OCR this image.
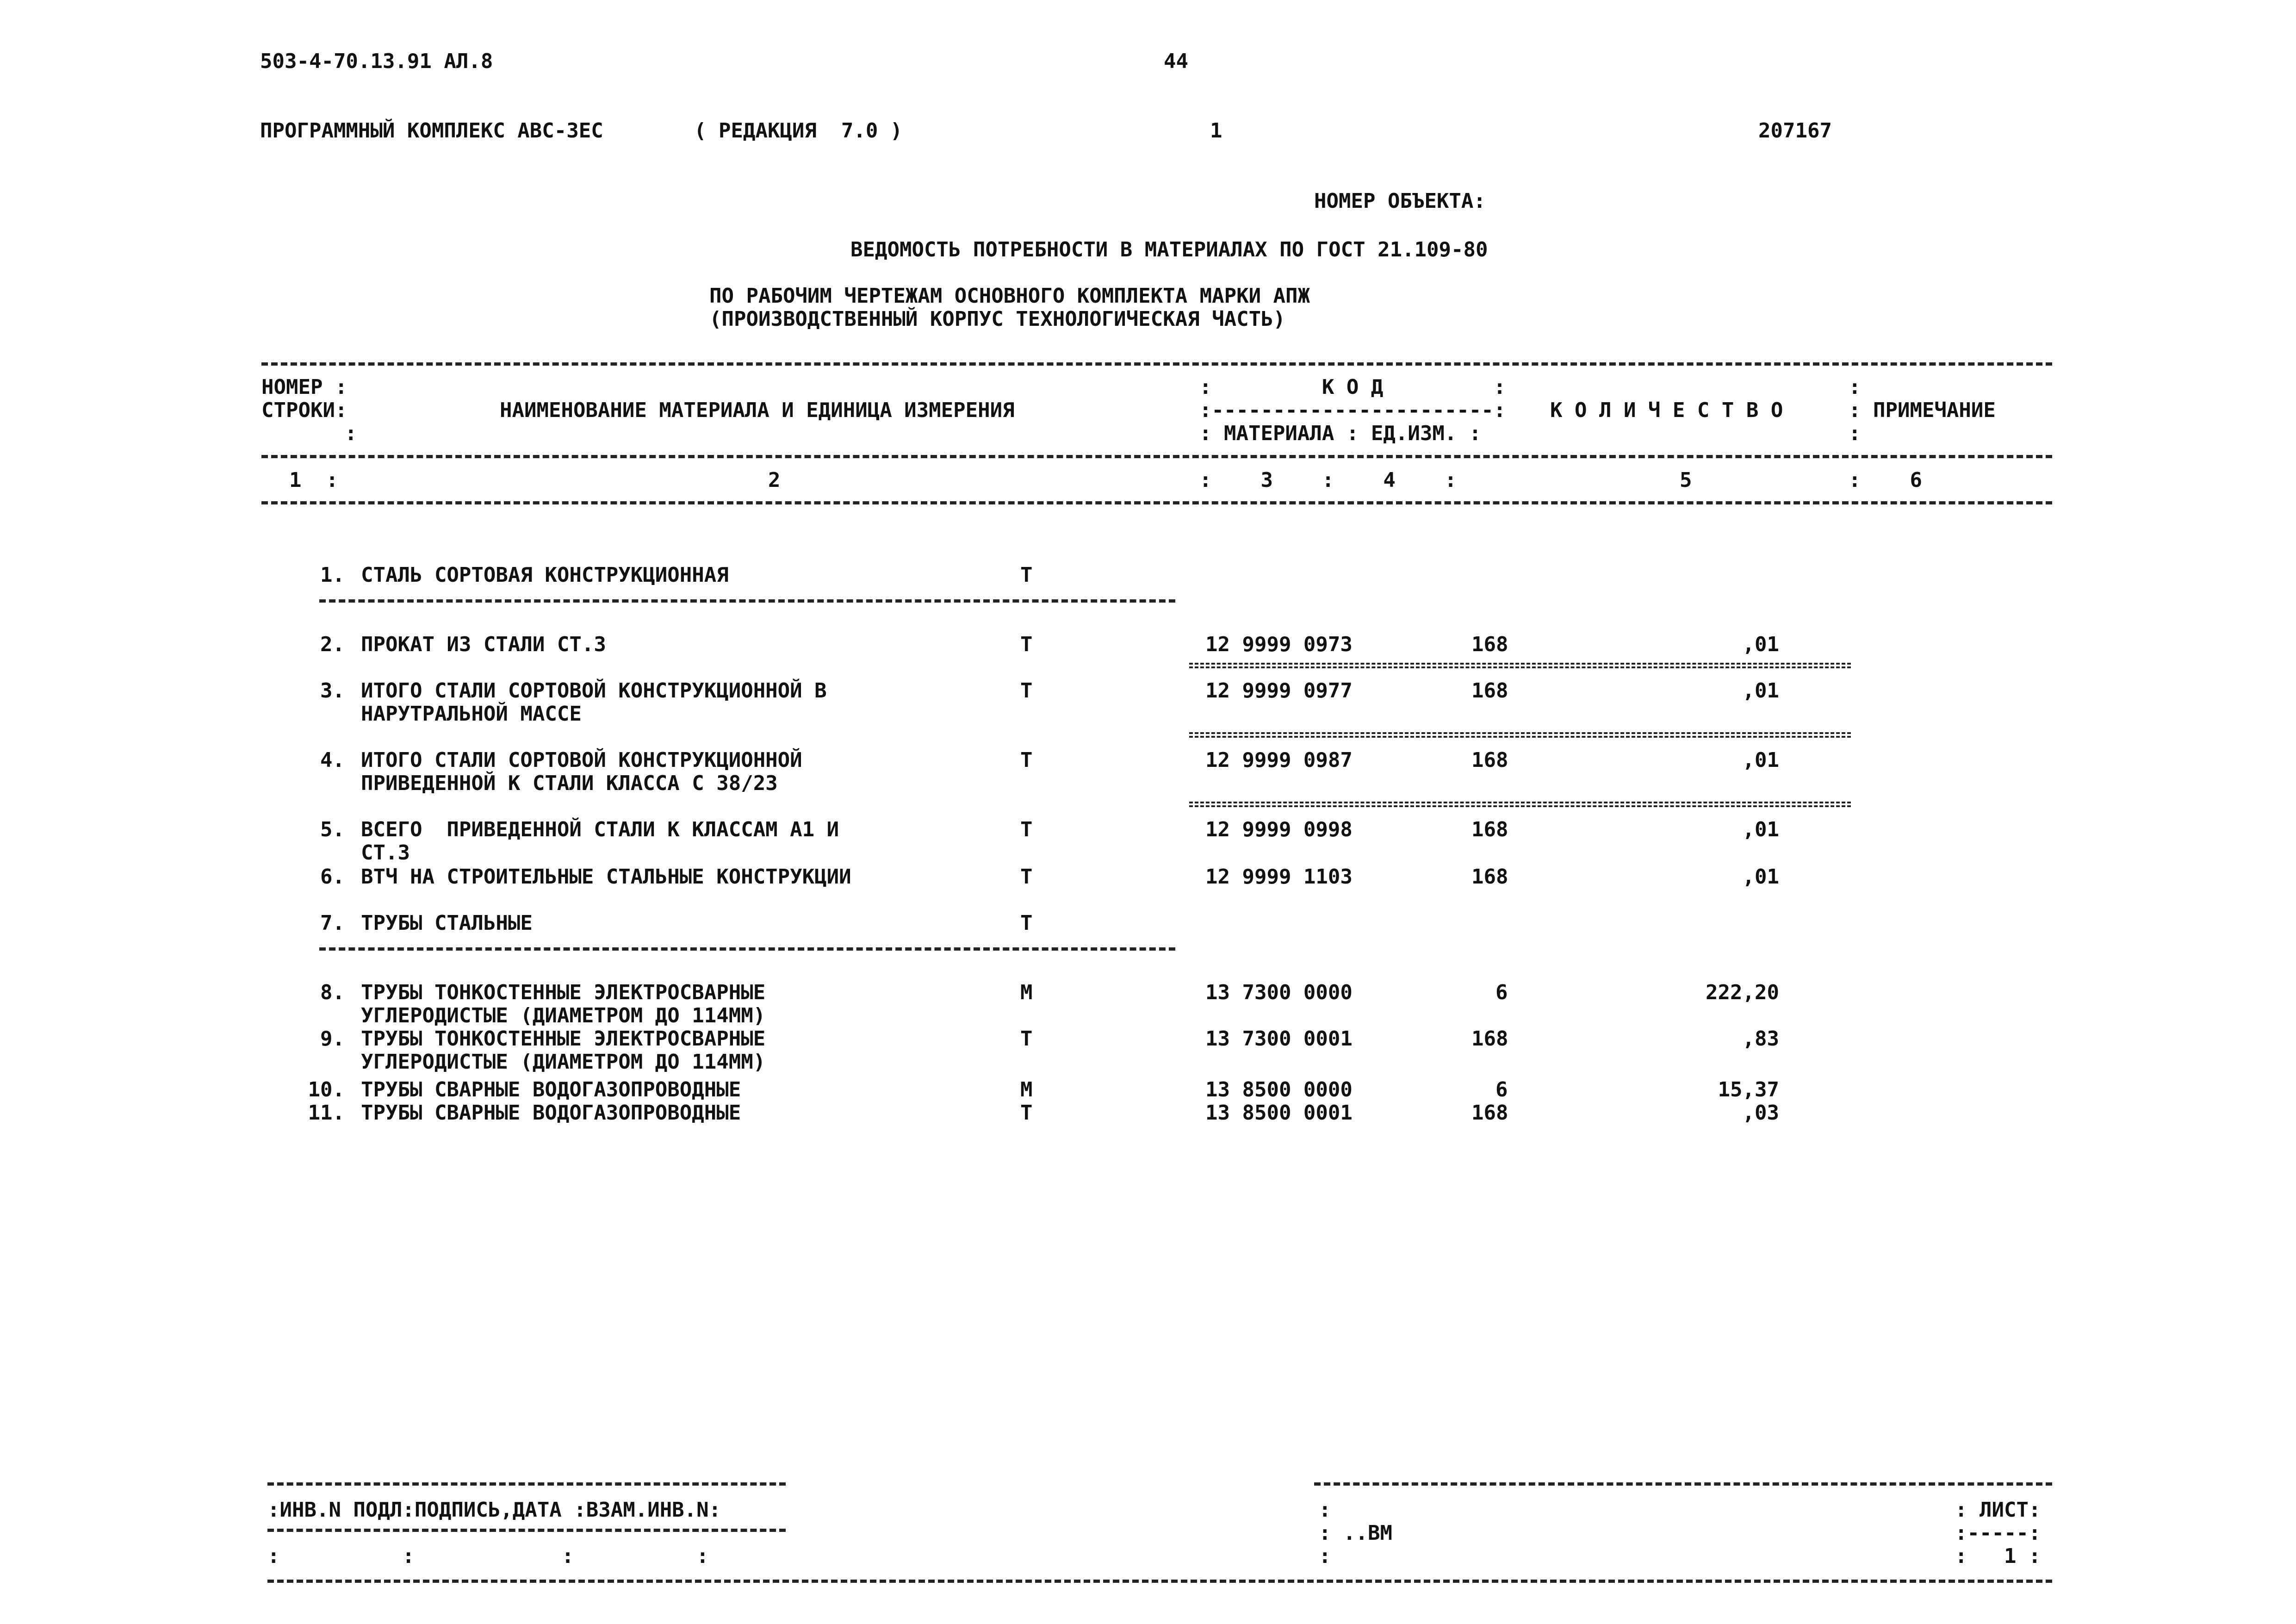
503-4-70.13.91 АЛ.8	44
ПРОГРАММНЫЙ КОМПЛЕКС АВС-3ЕС	( РЕДАКЦИЯ  7.0 )	1	207167
НОМЕР ОБЪЕКТА:
ВЕДОМОСТЬ ПОТРЕБНОСТИ В МАТЕРИАЛАХ ПО ГОСТ 21.109-80
ПО РАБОЧИМ ЧЕРТЕЖАМ ОСНОВНОГО КОМПЛЕКТА МАРКИ АПЖ
(ПРОИЗВОДСТВЕННЫЙ КОРПУС ТЕХНОЛОГИЧЕСКАЯ ЧАСТЬ)
НОМЕР :
СТРОКИ:
:
НАИМЕНОВАНИЕ МАТЕРИАЛА И ЕДИНИЦА ИЗМЕРЕНИЯ
:         К О Д         :
:-----------------------:
: МАТЕРИАЛА : ЕД.ИЗМ. :
К О Л И Ч Е С Т В О
:
: ПРИМЕЧАНИЕ
:
1  :	2	:    3    :    4    :	5	:    6
1. СТАЛЬ СОРТОВАЯ КОНСТРУКЦИОННАЯ	Т
2. ПРОКАТ ИЗ СТАЛИ СТ.3	Т	12 9999 0973	168	,01
3. ИТОГО СТАЛИ СОРТОВОЙ КОНСТРУКЦИОННОЙ В
НАРУТРАЛЬНОЙ МАССЕ
Т	12 9999 0977	168	,01
4. ИТОГО СТАЛИ СОРТОВОЙ КОНСТРУКЦИОННОЙ
ПРИВЕДЕННОЙ К СТАЛИ КЛАССА С 38/23
Т	12 9999 0987	168	,01
5. ВСЕГО  ПРИВЕДЕННОЙ СТАЛИ К КЛАССАМ А1 И
СТ.3
Т	12 9999 0998	168	,01
6. ВТЧ НА СТРОИТЕЛЬНЫЕ СТАЛЬНЫЕ КОНСТРУКЦИИ	Т	12 9999 1103	168	,01
7. ТРУБЫ СТАЛЬНЫЕ	Т
8. ТРУБЫ ТОНКОСТЕННЫЕ ЭЛЕКТРОСВАРНЫЕ
УГЛЕРОДИСТЫЕ (ДИАМЕТРОМ ДО 114ММ)
М	13 7300 0000	6	222,20
9. ТРУБЫ ТОНКОСТЕННЫЕ ЭЛЕКТРОСВАРНЫЕ
УГЛЕРОДИСТЫЕ (ДИАМЕТРОМ ДО 114ММ)
Т	13 7300 0001	168	,83
10. ТРУБЫ СВАРНЫЕ ВОДОГАЗОПРОВОДНЫЕ	М	13 8500 0000	6	15,37
11. ТРУБЫ СВАРНЫЕ ВОДОГАЗОПРОВОДНЫЕ	Т	13 8500 0001	168	,03
:ИНВ.N ПОДЛ:ПОДПИСЬ,ДАТА :ВЗАМ.ИНВ.N:
:          :            :          :
:
: ..ВМ
:
: ЛИСТ:
:-----:
:   1 :
